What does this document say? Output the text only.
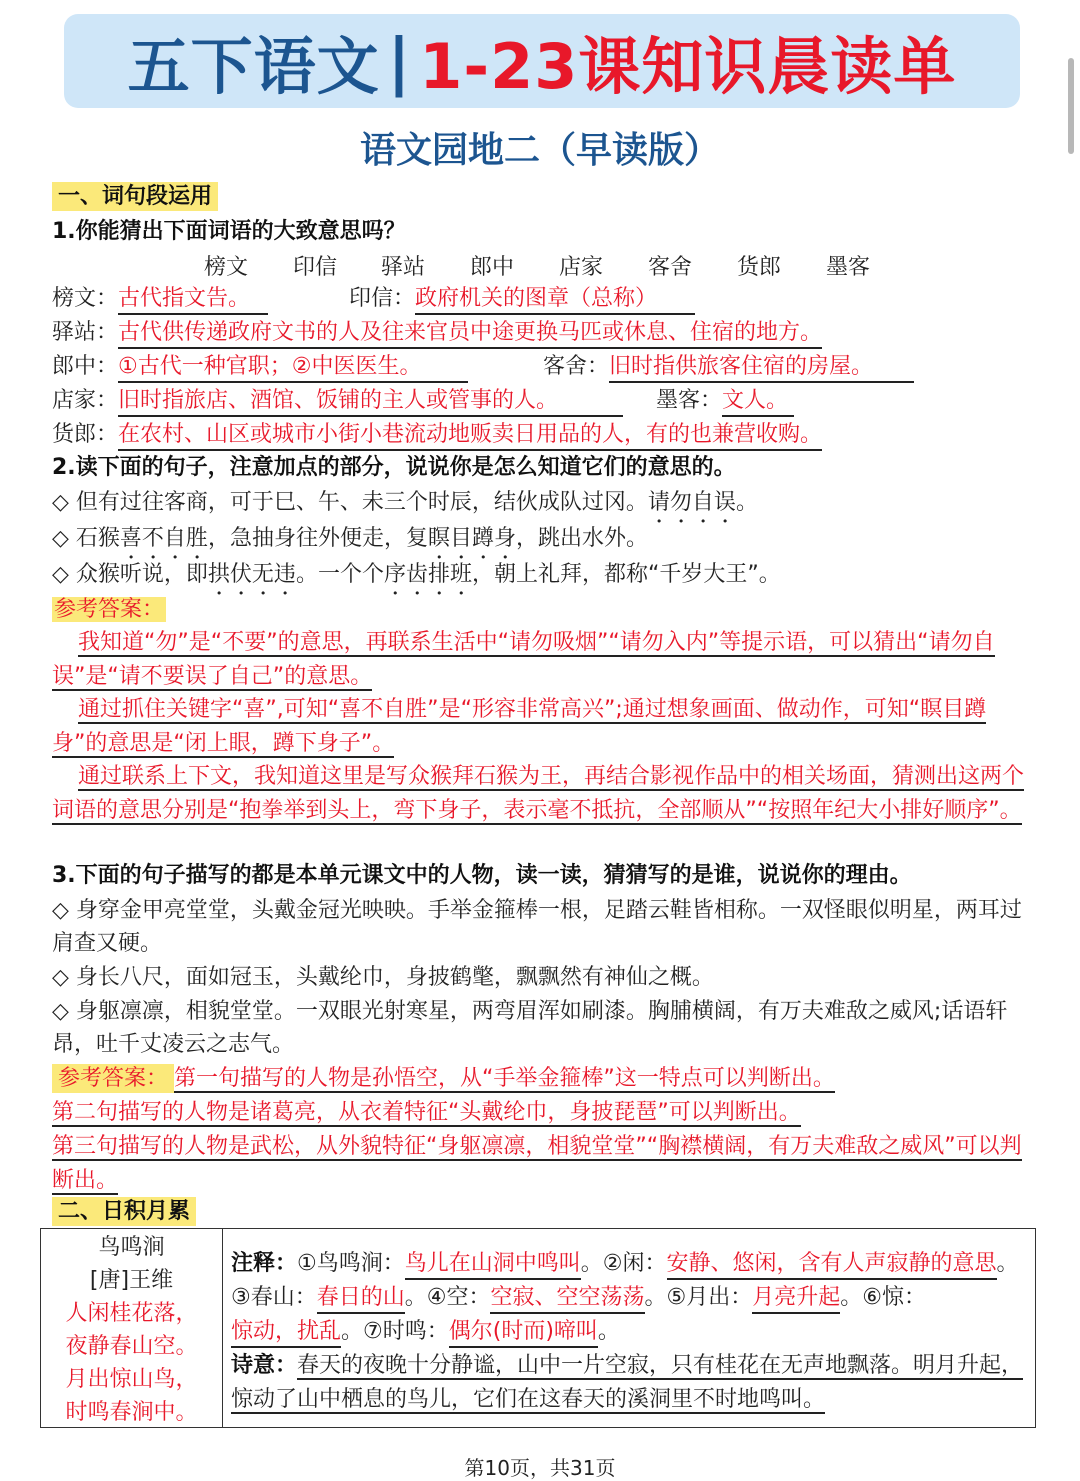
五下语文 | 1-23课知识晨读单
语文园地二（早读版）
一、词句段运用
1.你能猜出下面词语的大致意思吗？
榜文 印信 驿站 郎中 店家 客舍 货郎 墨客
榜文：古代指文告。	印信：政府机关的图章（总称）
驿站：古代供传递政府文书的人及往来官员中途更换马匹或休息、住宿的地方。
郎中：①古代一种官职；②中医医生。	客舍：旧时指供旅客住宿的房屋。
店家：旧时指旅店、酒馆、饭铺的主人或管事的人。	墨客：文人。
货郎：在农村、山区或城市小街小巷流动地贩卖日用品的人，有的也兼营收购。
2.读下面的句子，注意加点的部分，说说你是怎么知道它们的意思的。
◇ 但有过往客商，可于巳、午、未三个时辰，结伙成队过冈。请勿自误。
◇ 石猴喜不自胜，急抽身往外便走，复瞑目蹲身，跳出水外。
◇ 众猴听说，即拱伏无违。一个个序齿排班，朝上礼拜，都称“千岁大王”。
参考答案：
我知道“勿”是“不要”的意思，再联系生活中“请勿吸烟”“请勿入内”等提示语，可以猜出“请勿自误”是“请不要误了自己”的意思。
通过抓住关键字“喜”,可知“喜不自胜”是“形容非常高兴”;通过想象画面、做动作，可知“瞑目蹲身”的意思是“闭上眼，蹲下身子”。
通过联系上下文，我知道这里是写众猴拜石猴为王，再结合影视作品中的相关场面，猜测出这两个词语的意思分别是“抱拳举到头上，弯下身子，表示毫不抵抗，全部顺从”“按照年纪大小排好顺序”。
3.下面的句子描写的都是本单元课文中的人物，读一读，猜猜写的是谁，说说你的理由。
◇ 身穿金甲亮堂堂，头戴金冠光映映。手举金箍棒一根，足踏云鞋皆相称。一双怪眼似明星，两耳过肩查又硬。
◇ 身长八尺，面如冠玉，头戴纶巾，身披鹤氅，飘飘然有神仙之概。
◇ 身躯凛凛，相貌堂堂。一双眼光射寒星，两弯眉浑如刷漆。胸脯横阔，有万夫难敌之威风;话语轩昂，吐千丈凌云之志气。
参考答案： 第一句描写的人物是孙悟空，从“手举金箍棒”这一特点可以判断出。
第二句描写的人物是诸葛亮，从衣着特征“头戴纶巾，身披琵琶”可以判断出。
第三句描写的人物是武松，从外貌特征“身躯凛凛，相貌堂堂”“胸襟横阔，有万夫难敌之威风”可以判断出。
二、日积月累
鸟鸣涧
[唐]王维
人闲桂花落，
夜静春山空。
月出惊山鸟，
时鸣春涧中。
注释：①鸟鸣涧：鸟儿在山洞中鸣叫。②闲：安静、悠闲，含有人声寂静的意思。③春山：春日的山。④空：空寂、空空荡荡。⑤月出：月亮升起。⑥惊：惊动，扰乱。⑦时鸣：偶尔(时而)啼叫。
诗意：春天的夜晚十分静谧，山中一片空寂，只有桂花在无声地飘落。明月升起，惊动了山中栖息的鸟儿，它们在这春天的溪洞里不时地鸣叫。
第10页，共31页
